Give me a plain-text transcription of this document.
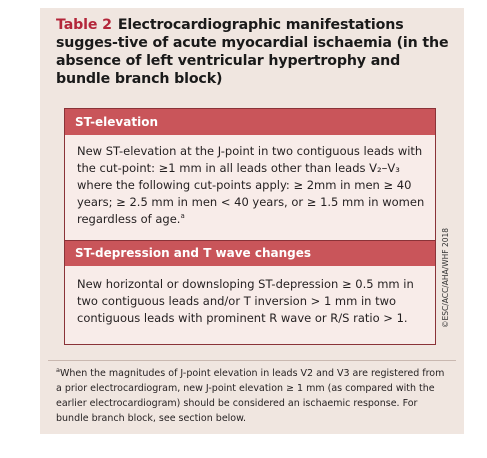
Table 2 Electrocardiographic manifestations sugges-tive of acute myocardial ischaemia (in the absence of left ventricular hypertrophy and bundle branch block)
ST-elevation
New ST-elevation at the J-point in two contiguous leads with the cut-point: ≥1 mm in all leads other than leads V₂–V₃ where the following cut-points apply: ≥ 2mm in men ≥ 40 years; ≥ 2.5 mm in men < 40 years, or ≥ 1.5 mm in women regardless of age.$^a$
ST-depression and T wave changes
New horizontal or downsloping ST-depression ≥ 0.5 mm in two contiguous leads and/or T inversion > 1 mm in two contiguous leads with prominent R wave or R/S ratio > 1.
$^a$When the magnitudes of J-point elevation in leads V2 and V3 are registered from a prior electrocardiogram, new J-point elevation ≥ 1 mm (as compared with the earlier electrocardiogram) should be considered an ischaemic response. For bundle branch block, see section below.
